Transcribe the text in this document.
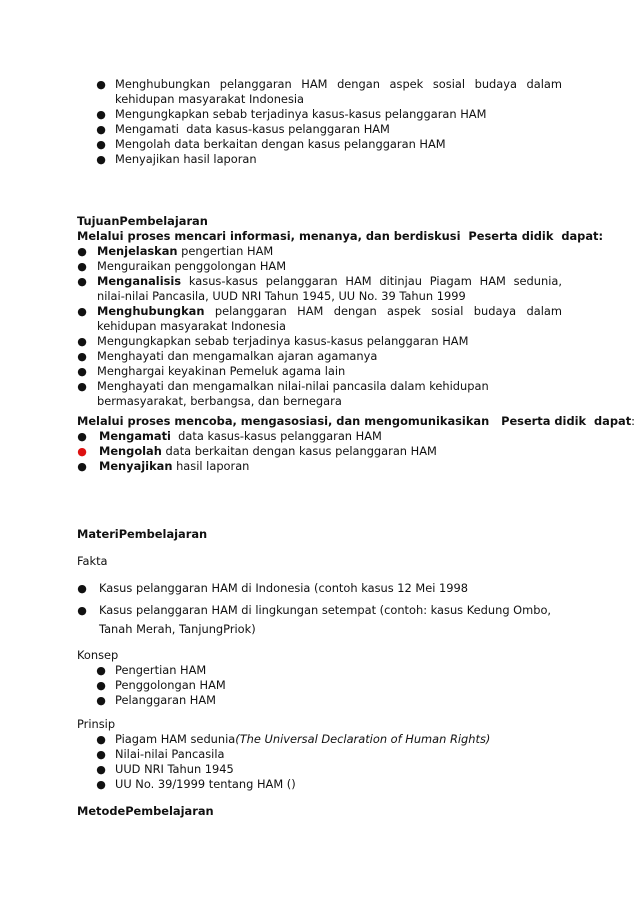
● Menghubungkan pelanggaran HAM dengan aspek sosial budaya dalam kehidupan masyarakat Indonesia
● Mengungkapkan sebab terjadinya kasus-kasus pelanggaran HAM
● Mengamati  data kasus-kasus pelanggaran HAM
● Mengolah data berkaitan dengan kasus pelanggaran HAM
● Menyajikan hasil laporan
TujuanPembelajaran
Melalui proses mencari informasi, menanya, dan berdiskusi  Peserta didik  dapat:
● Menjelaskan pengertian HAM
● Menguraikan penggolongan HAM
● Menganalisis kasus-kasus pelanggaran HAM ditinjau Piagam HAM sedunia, nilai-nilai Pancasila, UUD NRI Tahun 1945, UU No. 39 Tahun 1999
● Menghubungkan pelanggaran HAM dengan aspek sosial budaya dalam kehidupan masyarakat Indonesia
● Mengungkapkan sebab terjadinya kasus-kasus pelanggaran HAM
● Menghayati dan mengamalkan ajaran agamanya
● Menghargai keyakinan Pemeluk agama lain
● Menghayati dan mengamalkan nilai-nilai pancasila dalam kehidupan bermasyarakat, berbangsa, dan bernegara
Melalui proses mencoba, mengasosiasi, dan mengomunikasikan   Peserta didik  dapat:
● Mengamati  data kasus-kasus pelanggaran HAM
● Mengolah data berkaitan dengan kasus pelanggaran HAM
● Menyajikan hasil laporan
MateriPembelajaran
Fakta
● Kasus pelanggaran HAM di Indonesia (contoh kasus 12 Mei 1998
● Kasus pelanggaran HAM di lingkungan setempat (contoh: kasus Kedung Ombo, Tanah Merah, TanjungPriok)
Konsep
● Pengertian HAM
● Penggolongan HAM
● Pelanggaran HAM
Prinsip
● Piagam HAM sedunia(The Universal Declaration of Human Rights)
● Nilai-nilai Pancasila
● UUD NRI Tahun 1945
● UU No. 39/1999 tentang HAM ()
MetodePembelajaran
